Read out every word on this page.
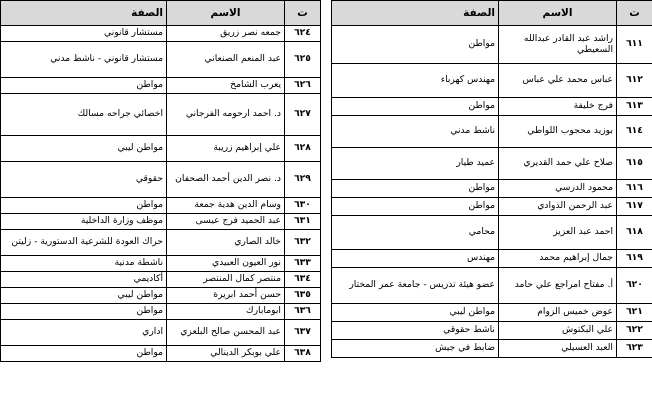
ت	الاسم	الصفة
٦٢٤	جمعه نصر زريق	مستشار قانوني
٦٢٥	عبد المنعم الصنعاني	مستشار قانوني - ناشط مدني
٦٢٦	يعرب الشامخ	مواطن
٦٢٧	د. احمد ارحومه الفرجاني	اخصائي جراحه مسالك
٦٢٨	علي إبراهيم زريبة	مواطن ليبي
٦٢٩	د. نصر الدين أحمد الصحفان	حقوقي
٦٣٠	وسام الدين هدية جمعة	مواطن
٦٣١	عبد الحميد فرج عيسى	موظف وزارة الداخلية
٦٣٢	خالد الصاري	حراك العودة للشرعية الدستورية - زليتن
٦٣٣	نور العيون العبيدي	ناشطة مدنية
٦٣٤	منتصر كمال المنتصر	أكاديمي
٦٣٥	حسن أحمد ابريرة	مواطن ليبي
٦٣٦	ابومابارك	مواطن
٦٣٧	عبد المحسن صالح البلعزي	اداري
٦٣٨	علي بوبكر الدينالي	مواطن
ت	الاسم	الصفة
٦١١	راشد عبد القادر عبدالله السعيطي	مواطن
٦١٢	عباس محمد علي عباس	مهندس كهرباء
٦١٣	فرج خليفة	مواطن
٦١٤	بوزيد محجوب اللواطي	ناشط مدني
٦١٥	صلاح علي حمد القديري	عميد طيار
٦١٦	محمود الدرسي	مواطن
٦١٧	عبد الرحمن الذوادي	مواطن
٦١٨	احمد عبد العزيز	محامي
٦١٩	جمال إبراهيم محمد	مهندس
٦٢٠	أ. مفتاح امراجع علي حامد	عضو هيئة تدريس - جامعة عمر المختار
٦٢١	عوض خميس الزوام	مواطن ليبي
٦٢٢	علي البكتوش	ناشط حقوقي
٦٢٣	العبد العسيلي	ضابط في جيش
